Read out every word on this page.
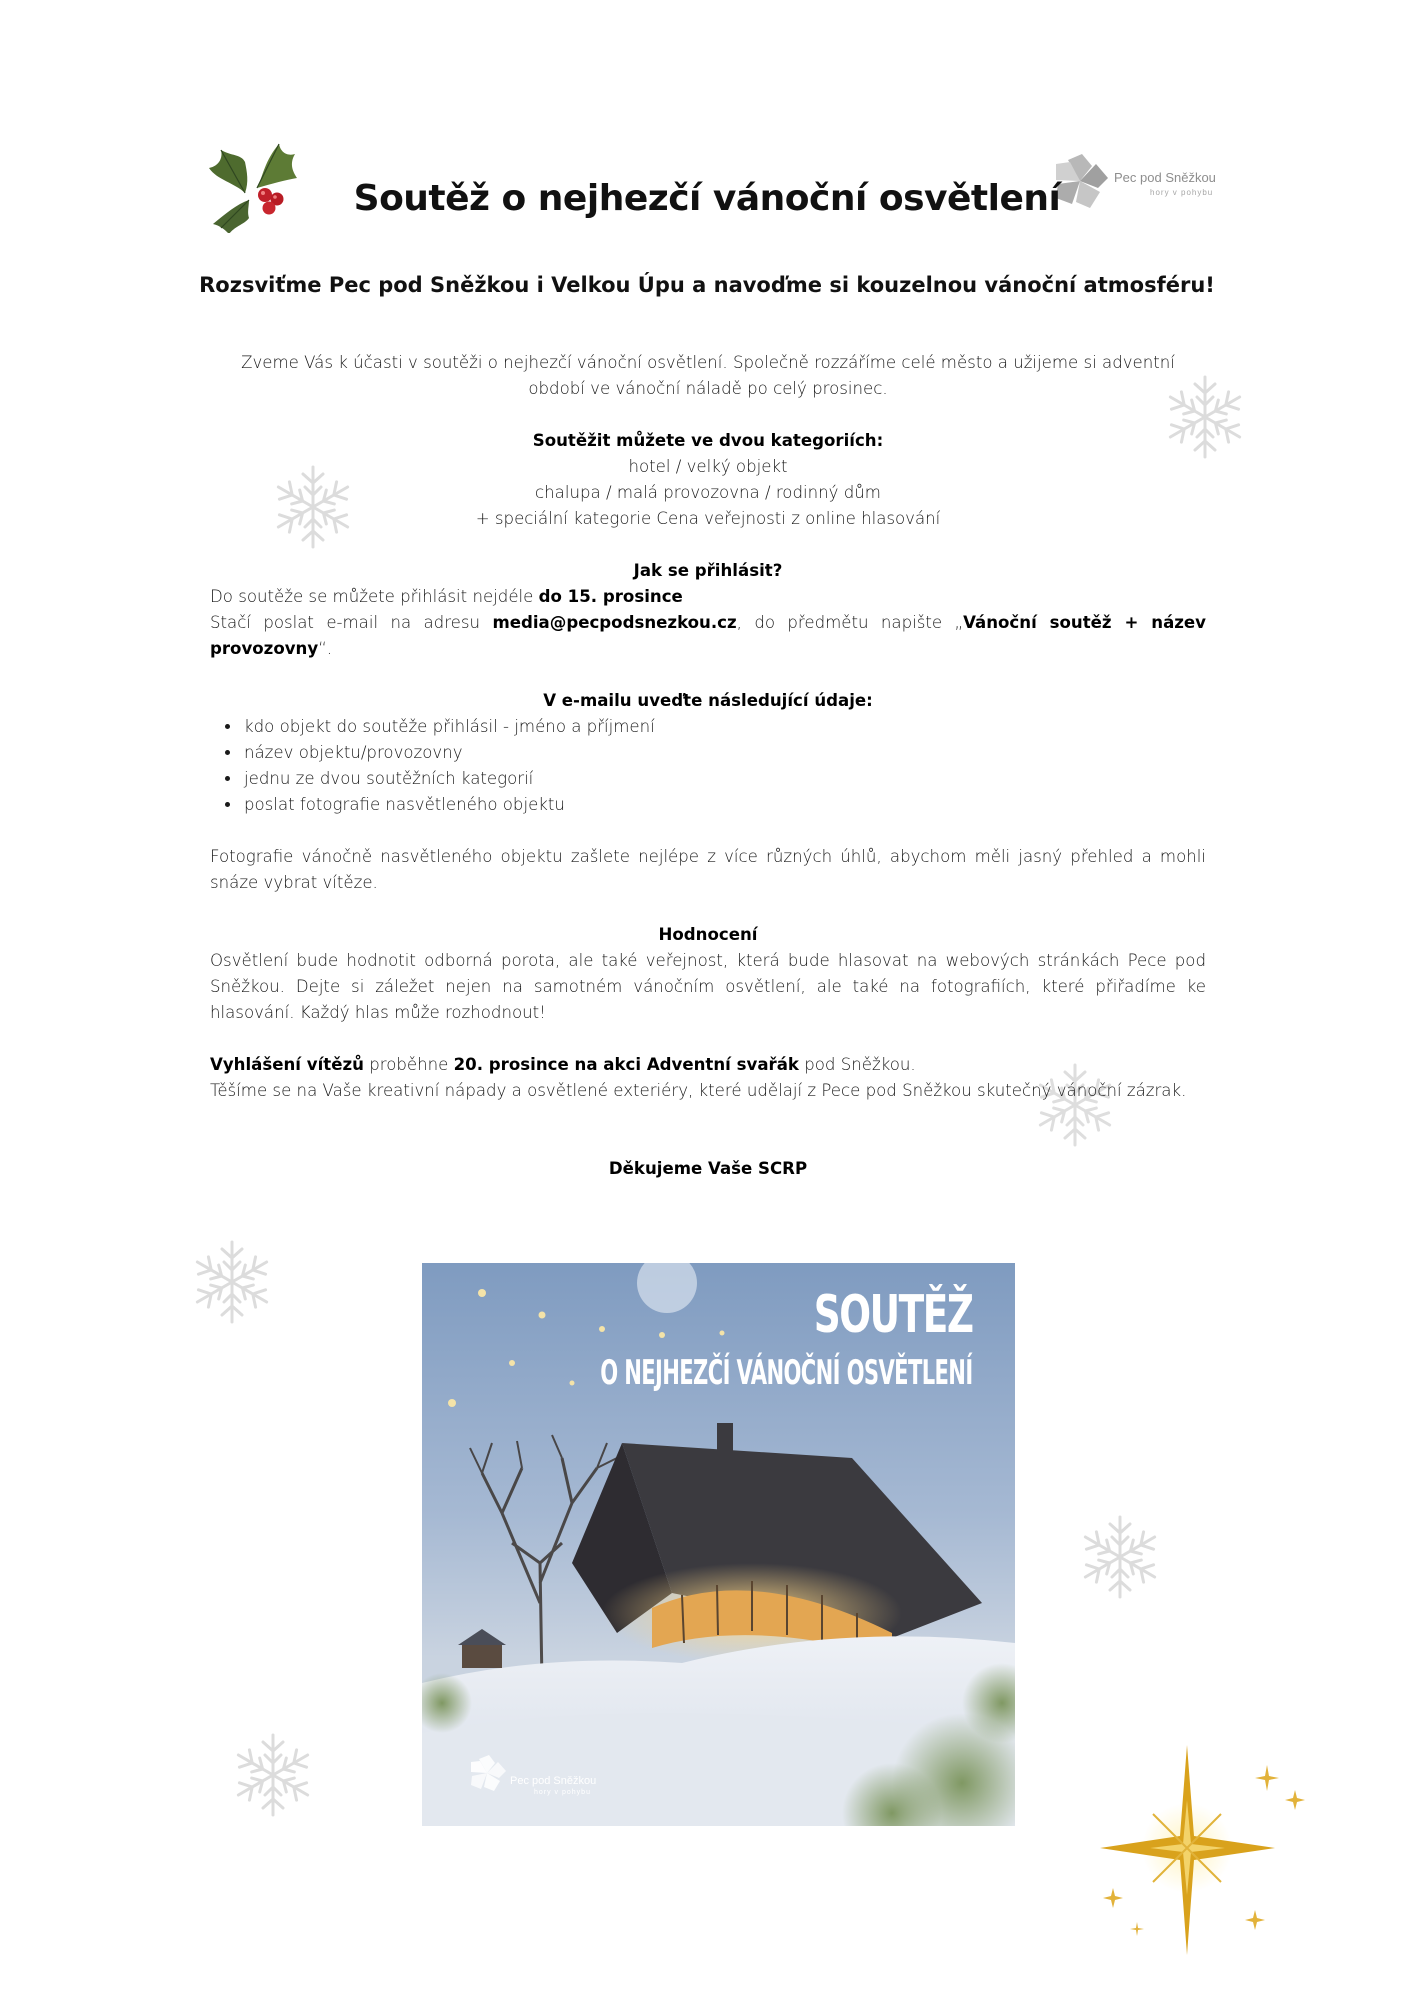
Pec pod Sněžkou
hory v pohybu
Soutěž o nejhezčí vánoční osvětlení
Rozsviťme Pec pod Sněžkou i Velkou Úpu a navoďme si kouzelnou vánoční atmosféru!

Zveme Vás k účasti v soutěži o nejhezčí vánoční osvětlení. Společně rozzáříme celé město a užijeme si adventní

období ve vánoční náladě po celý prosinec.

Soutěžit můžete ve dvou kategoriích:

hotel / velký objekt

chalupa / malá provozovna / rodinný dům

+ speciální kategorie Cena veřejnosti z online hlasování

Jak se přihlásit?

Do soutěže se můžete přihlásit nejdéle do 15. prosince

Stačí poslat e-mail na adresu media@pecpodsnezkou.cz, do předmětu napište „Vánoční soutěž + název provozovny“.

V e-mailu uveďte následující údaje:

• kdo objekt do soutěže přihlásil - jméno a příjmení
• název objektu/provozovny
• jednu ze dvou soutěžních kategorií
• poslat fotografie nasvětleného objektu

Fotografie vánočně nasvětleného objektu zašlete nejlépe z více různých úhlů, abychom měli jasný přehled a mohli snáze vybrat vítěze.

Hodnocení

Osvětlení bude hodnotit odborná porota, ale také veřejnost, která bude hlasovat na webových stránkách Pece pod Sněžkou. Dejte si záležet nejen na samotném vánočním osvětlení, ale také na fotografiích, které přiřadíme ke hlasování. Každý hlas může rozhodnout!

Vyhlášení vítězů proběhne 20. prosince na akci Adventní svařák pod Sněžkou.

Těšíme se na Vaše kreativní nápady a osvětlené exteriéry, které udělají z Pece pod Sněžkou skutečný vánoční zázrak.

Děkujeme Vaše SCRP

SOUTĚŽ
O NEJHEZČÍ VÁNOČNÍ OSVĚTLENÍ
Pec pod Sněžkou
hory v pohybu
